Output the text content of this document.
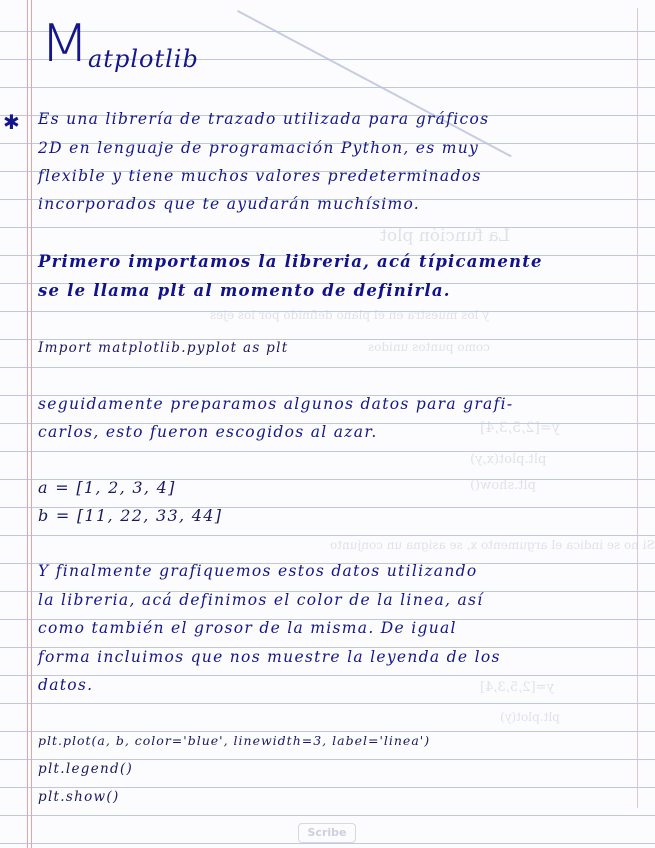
La función plot
y los muestra en el plano definido por los ejes
como puntos unidos
y=[2,5,3,4]
plt.plot(x,y)
plt.show()
Si no se indica el argumento x, se asigna un conjunto
y=[2,5,3,4]
plt.plot(y)
M atplotlib
✱ Es una librería de trazado utilizada para gráficos
2D en lenguaje de programación Python, es muy
flexible y tiene muchos valores predeterminados
incorporados que te ayudarán muchísimo.
Primero importamos la libreria, acá típicamente
se le llama plt al momento de definirla.
Import matplotlib.pyplot as plt
seguidamente preparamos algunos datos para grafi-
carlos, esto fueron escogidos al azar.
a = [1, 2, 3, 4]
b = [11, 22, 33, 44]
Y finalmente grafiquemos estos datos utilizando
la libreria, acá definimos el color de la linea, así
como también el grosor de la misma. De igual
forma incluimos que nos muestre la leyenda de los
datos.
plt.plot(a, b, color='blue', linewidth=3, label='linea')
plt.legend()
plt.show()
Scribe
